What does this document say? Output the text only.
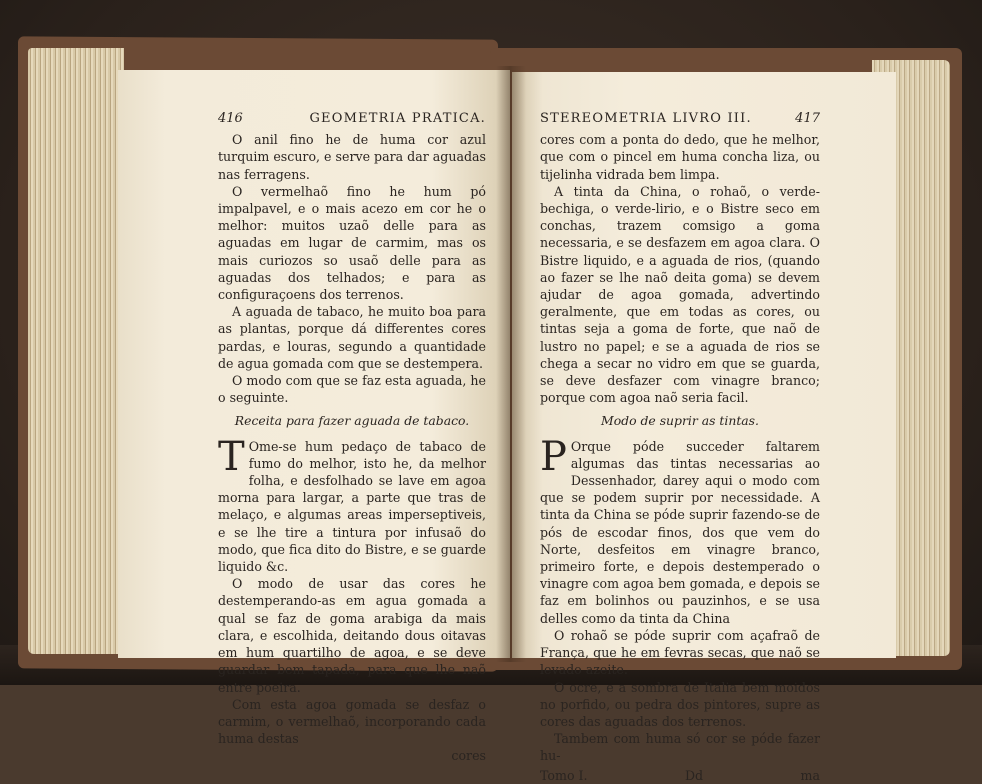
416	GEOMETRIA PRATICA.

O anil fino he de huma cor azul turquim escuro, e serve para dar aguadas nas ferragens.

O vermelhaõ fino he hum pó impalpavel, e o mais acezo em cor he o melhor: muitos uzaõ delle para as aguadas em lugar de carmim, mas os mais curiozos so usaõ delle para as aguadas dos telhados; e para as configuraçoens dos terrenos.

A aguada de tabaco, he muito boa para as plantas, porque dá differentes cores pardas, e louras, segundo a quantidade de agua gomada com que se destempera.

O modo com que se faz esta aguada, he o seguinte.

Receita para fazer aguada de tabaco.

T Ome-se hum pedaço de tabaco de fumo do melhor, isto he, da melhor folha, e desfolhado se lave em agoa morna para largar, a parte que tras de melaço, e algumas areas imperseptiveis, e se lhe tire a tintura por infusaõ do modo, que fica dito do Bistre, e se guarde liquido &c.

O modo de usar das cores he destemperando-as em agua gomada a qual se faz de goma arabiga da mais clara, e escolhida, deitando dous oitavas em hum quartilho de agoa, e se deve guardar bem tapada, para que lhe naõ entre poeira.

Com esta agoa gomada se desfaz o carmim, o vermelhaõ, incorporando cada huma destas

cores
STEREOMETRIA LIVRO III.	417

cores com a ponta do dedo, que he melhor, que com o pincel em huma concha liza, ou tijelinha vidrada bem limpa.

A tinta da China, o rohaõ, o verde-bechiga, o verde-lirio, e o Bistre seco em conchas, trazem comsigo a goma necessaria, e se desfazem em agoa clara. O Bistre liquido, e a aguada de rios, (quando ao fazer se lhe naõ deita goma) se devem ajudar de agoa gomada, advertindo geralmente, que em todas as cores, ou tintas seja a goma de forte, que naõ de lustro no papel; e se a aguada de rios se chega a secar no vidro em que se guarda, se deve desfazer com vinagre branco; porque com agoa naõ seria facil.

Modo de suprir as tintas.

P Orque póde succeder faltarem algumas das tintas necessarias ao Dessenhador, darey aqui o modo com que se podem suprir por necessidade. A tinta da China se póde suprir fazendo-se de pós de escodar finos, dos que vem do Norte, desfeitos em vinagre branco, primeiro forte, e depois destemperado o vinagre com agoa bem gomada, e depois se faz em bolinhos ou pauzinhos, e se usa delles como da tinta da China

O rohaõ se póde suprir com açafraõ de França, que he em fevras secas, que naõ se levado azeite.

O ocre, e a sombra de Italia bem moidos no porfido, ou pedra dos pintores, supre as cores das aguadas dos terrenos.

Tambem com huma só cor se póde fazer hu-

Tomo I.	Dd	ma
